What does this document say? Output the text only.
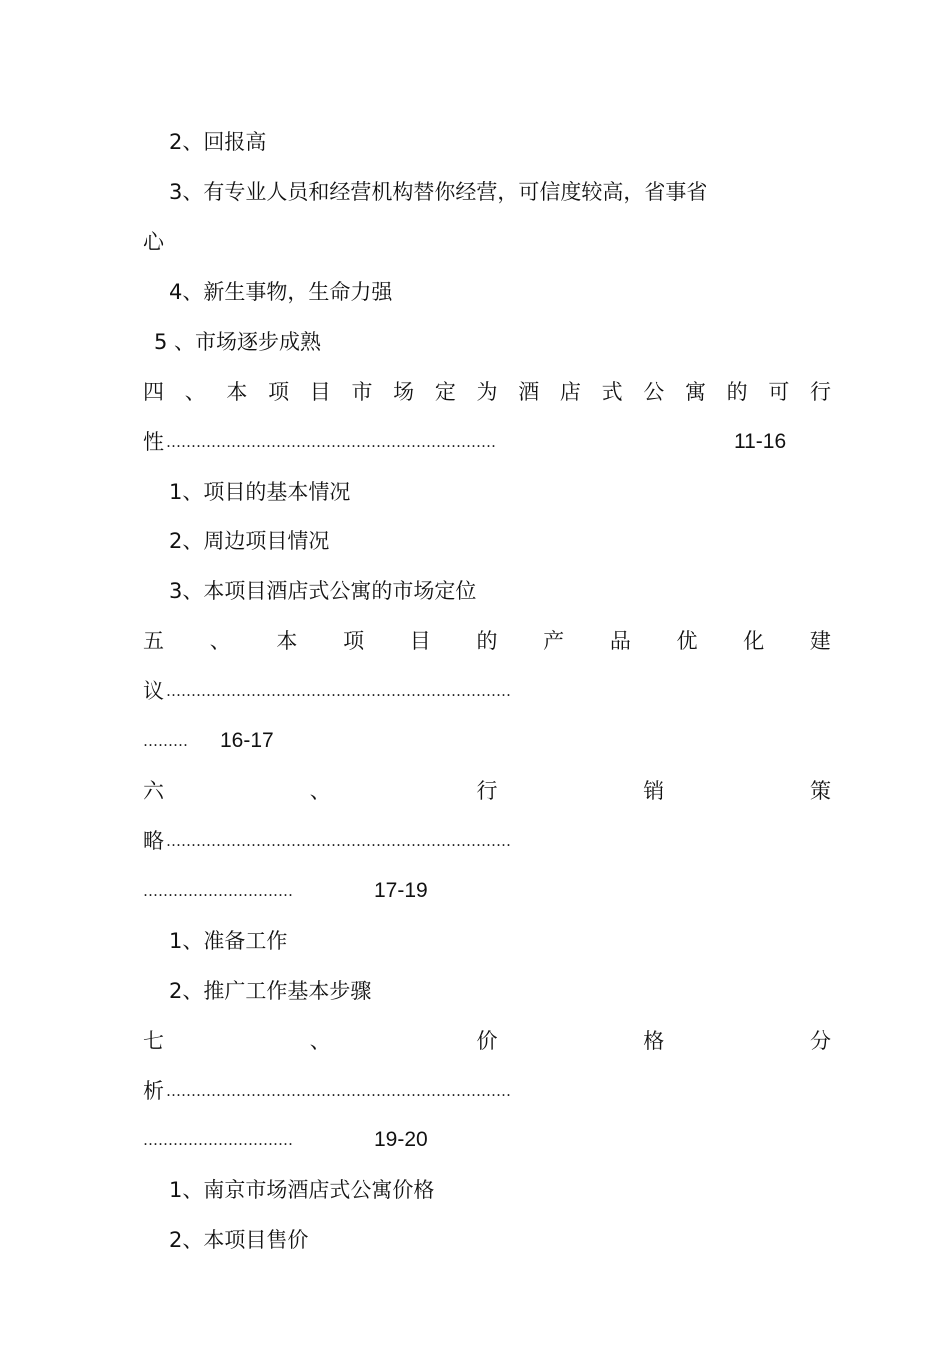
2、回报高
3、有专业人员和经营机构替你经营，可信度较高，省事省
心
4、新生事物，生命力强
5 、市场逐步成熟
四 、 本 项 目 市 场 定 为 酒 店 式 公 寓 的 可 行
性 …………………………………………………………	11-16
1、项目的基本情况
2、周边项目情况
3、本项目酒店式公寓的市场定位
五 、 本 项 目 的 产 品 优 化 建
议 ……………………………………………………………
……… 16-17
六	、	行	销	策
略 ……………………………………………………………
…………………………	17-19
1、准备工作
2、推广工作基本步骤
七	、	价	格	分
析 ……………………………………………………………
…………………………	19-20
1、南京市场酒店式公寓价格
2、本项目售价
